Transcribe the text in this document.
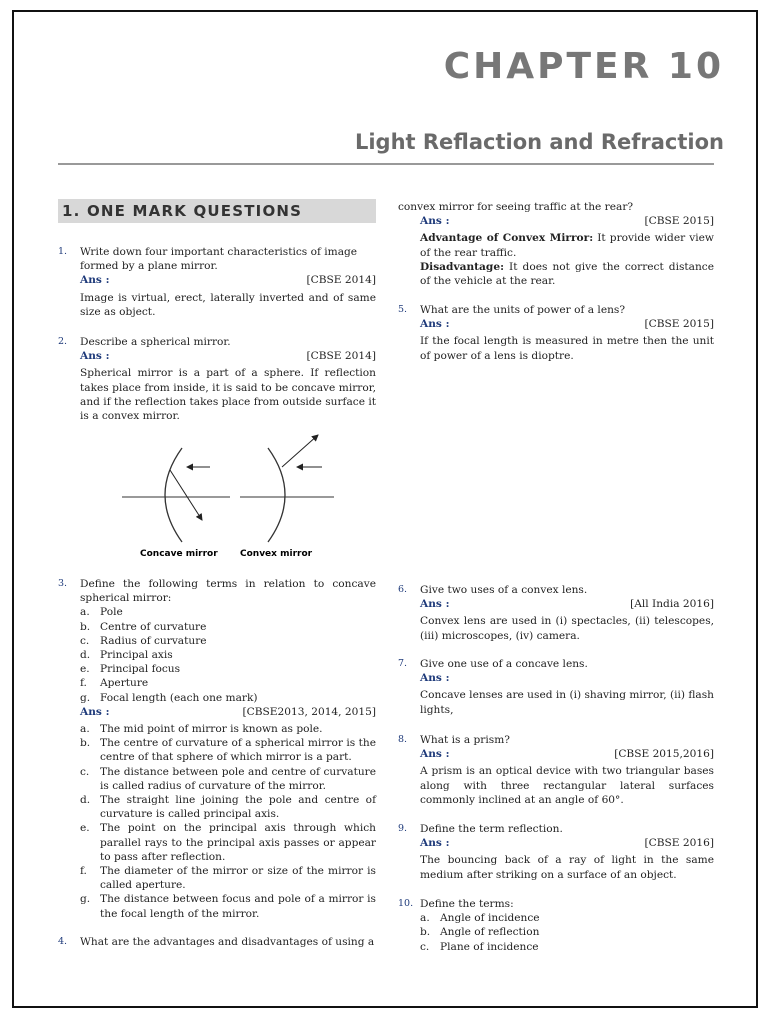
CHAPTER 10
Light Reflaction and Refraction
1. ONE MARK QUESTIONS
1. Write down four important characteristics of image formed by a plane mirror.
Ans :	[CBSE 2014]
Image is virtual, erect, laterally inverted and of same size as object.
2. Describe a spherical mirror.
Ans :	[CBSE 2014]
Spherical mirror is a part of a sphere. If reflection takes place from inside, it is said to be concave mirror, and if the reflection takes place from outside surface it is a convex mirror.
Concave mirror Convex mirror
3. Define the following terms in relation to concave spherical mirror:
a. Pole
b. Centre of curvature
c.	Radius of curvature
d. Principal axis
e. Principal focus
f.	Aperture
g. Focal length (each one mark)
Ans :	[CBSE2013, 2014, 2015]
a. The mid point of mirror is known as pole.
b. The centre of curvature of a spherical mirror is the centre of that sphere of which mirror is a part.
c.	The distance between pole and centre of curvature is called radius of curvature of the mirror.
d. The straight line joining the pole and centre of curvature is called principal axis.
e. The point on the principal axis through which parallel rays to the principal axis passes or appear to pass after reflection.
f.	The diameter of the mirror or size of the mirror is called aperture.
g. The distance between focus and pole of a mirror is the focal length of the mirror.
4. What are the advantages and disadvantages of using a
convex mirror for seeing traffic at the rear?
Ans :	[CBSE 2015]
Advantage of Convex Mirror: It provide wider view of the rear traffic.
Disadvantage: It does not give the correct distance of the vehicle at the rear.
5. What are the units of power of a lens?
Ans :	[CBSE 2015]
If the focal length is measured in metre then the unit of power of a lens is dioptre.
6. Give two uses of a convex lens.
Ans :	[All India 2016]
Convex lens are used in (i) spectacles, (ii) telescopes, (iii) microscopes, (iv) camera.
7. Give one use of a concave lens.
Ans :
Concave lenses are used in (i) shaving mirror, (ii) flash lights,
8. What is a prism?
Ans :	[CBSE 2015,2016]
A prism is an optical device with two triangular bases along with three rectangular lateral surfaces commonly inclined at an angle of 60°.
9. Define the term reflection.
Ans :	[CBSE 2016]
The bouncing back of a ray of light in the same medium after striking on a surface of an object.
10. Define the terms:
a. Angle of incidence
b. Angle of reflection
c.	Plane of incidence
